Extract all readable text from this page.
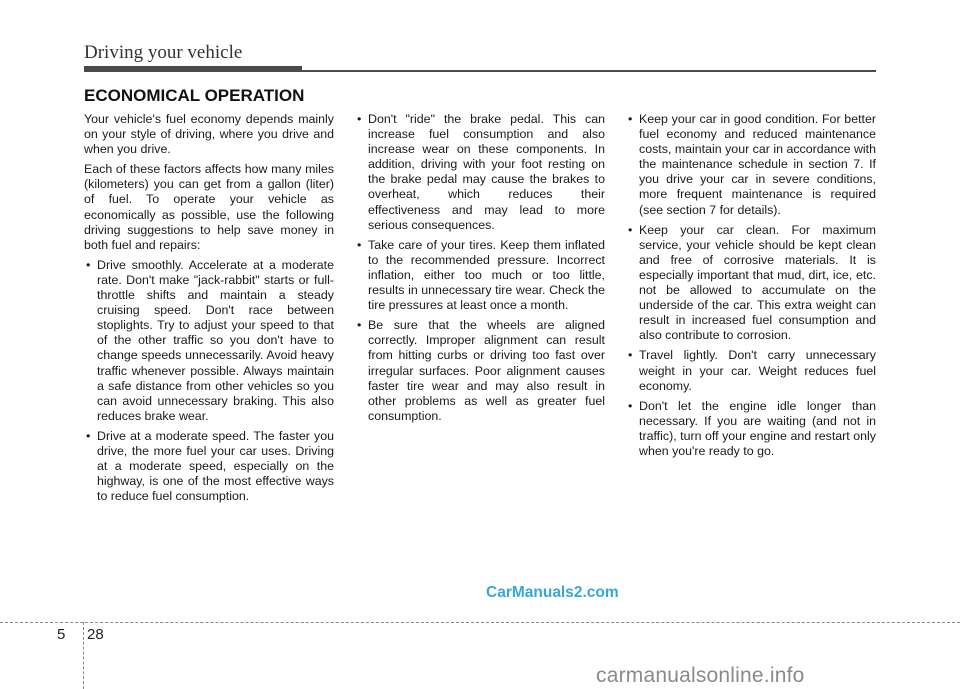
Driving your vehicle
ECONOMICAL OPERATION

Your vehicle's fuel economy depends mainly on your style of driving, where you drive and when you drive.

Each of these factors affects how many miles (kilometers) you can get from a gallon (liter) of fuel. To operate your vehicle as economically as possible, use the following driving suggestions to help save money in both fuel and repairs:

• Drive smoothly. Accelerate at a moderate rate. Don't make "jack-rabbit" starts or full-throttle shifts and maintain a steady cruising speed. Don't race between stoplights. Try to adjust your speed to that of the other traffic so you don't have to change speeds unnecessarily. Avoid heavy traffic whenever possible. Always maintain a safe distance from other vehicles so you can avoid unnecessary braking. This also reduces brake wear.
• Drive at a moderate speed. The faster you drive, the more fuel your car uses. Driving at a moderate speed, especially on the highway, is one of the most effective ways to reduce fuel consumption.
• Don't "ride" the brake pedal. This can increase fuel consumption and also increase wear on these components. In addition, driving with your foot resting on the brake pedal may cause the brakes to overheat, which reduces their effectiveness and may lead to more serious consequences.
• Take care of your tires. Keep them inflated to the recommended pressure. Incorrect inflation, either too much or too little, results in unnecessary tire wear. Check the tire pressures at least once a month.
• Be sure that the wheels are aligned correctly. Improper alignment can result from hitting curbs or driving too fast over irregular surfaces. Poor alignment causes faster tire wear and may also result in other problems as well as greater fuel consumption.
• Keep your car in good condition. For better fuel economy and reduced maintenance costs, maintain your car in accordance with the maintenance schedule in section 7. If you drive your car in severe conditions, more frequent maintenance is required (see section 7 for details).
• Keep your car clean. For maximum service, your vehicle should be kept clean and free of corrosive materials. It is especially important that mud, dirt, ice, etc. not be allowed to accumulate on the underside of the car. This extra weight can result in increased fuel consumption and also contribute to corrosion.
• Travel lightly. Don't carry unnecessary weight in your car. Weight reduces fuel economy.
• Don't let the engine idle longer than necessary. If you are waiting (and not in traffic), turn off your engine and restart only when you're ready to go.
CarManuals2.com
5 28
carmanualsonline.info
